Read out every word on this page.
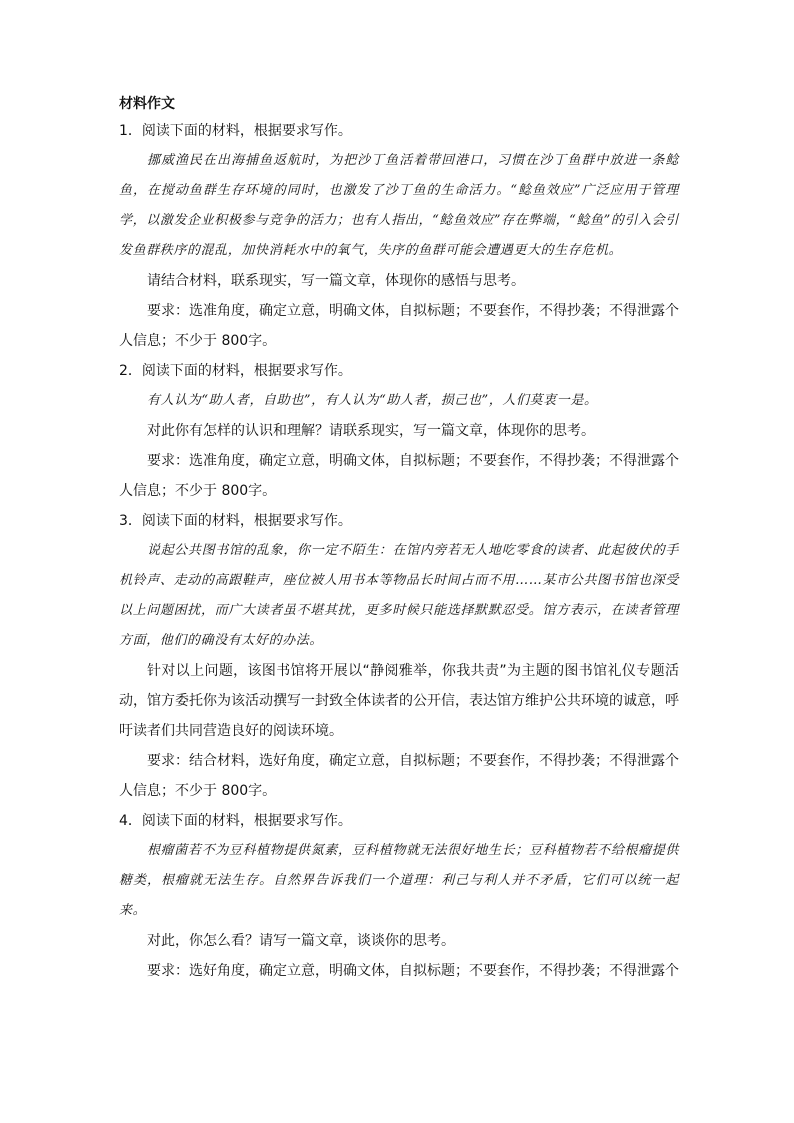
材料作文

1．阅读下面的材料，根据要求写作。

挪威渔民在出海捕鱼返航时，为把沙丁鱼活着带回港口，习惯在沙丁鱼群中放进一条鲶鱼，在搅动鱼群生存环境的同时，也激发了沙丁鱼的生命活力。“鲶鱼效应”广泛应用于管理学，以激发企业积极参与竞争的活力；也有人指出，“鲶鱼效应”存在弊端，“鲶鱼”的引入会引发鱼群秩序的混乱，加快消耗水中的氧气，失序的鱼群可能会遭遇更大的生存危机。

请结合材料，联系现实，写一篇文章，体现你的感悟与思考。

要求：选准角度，确定立意，明确文体，自拟标题；不要套作，不得抄袭；不得泄露个人信息；不少于 800字。

2．阅读下面的材料，根据要求写作。

有人认为“助人者，自助也”，有人认为“助人者，损己也”，人们莫衷一是。

对此你有怎样的认识和理解？请联系现实，写一篇文章，体现你的思考。

要求：选准角度，确定立意，明确文体，自拟标题；不要套作，不得抄袭；不得泄露个人信息；不少于 800字。

3．阅读下面的材料，根据要求写作。

说起公共图书馆的乱象，你一定不陌生：在馆内旁若无人地吃零食的读者、此起彼伏的手机铃声、走动的高跟鞋声，座位被人用书本等物品长时间占而不用……某市公共图书馆也深受以上问题困扰，而广大读者虽不堪其扰，更多时候只能选择默默忍受。馆方表示，在读者管理方面，他们的确没有太好的办法。

针对以上问题，该图书馆将开展以“静阅雅举，你我共责”为主题的图书馆礼仪专题活动，馆方委托你为该活动撰写一封致全体读者的公开信，表达馆方维护公共环境的诚意，呼吁读者们共同营造良好的阅读环境。

要求：结合材料，选好角度，确定立意，自拟标题；不要套作，不得抄袭；不得泄露个人信息；不少于 800字。

4．阅读下面的材料，根据要求写作。

根瘤菌若不为豆科植物提供氮素，豆科植物就无法很好地生长；豆科植物若不给根瘤提供糖类，根瘤就无法生存。自然界告诉我们一个道理：利己与利人并不矛盾，它们可以统一起来。

对此，你怎么看？请写一篇文章，谈谈你的思考。

要求：选好角度，确定立意，明确文体，自拟标题；不要套作，不得抄袭；不得泄露个
